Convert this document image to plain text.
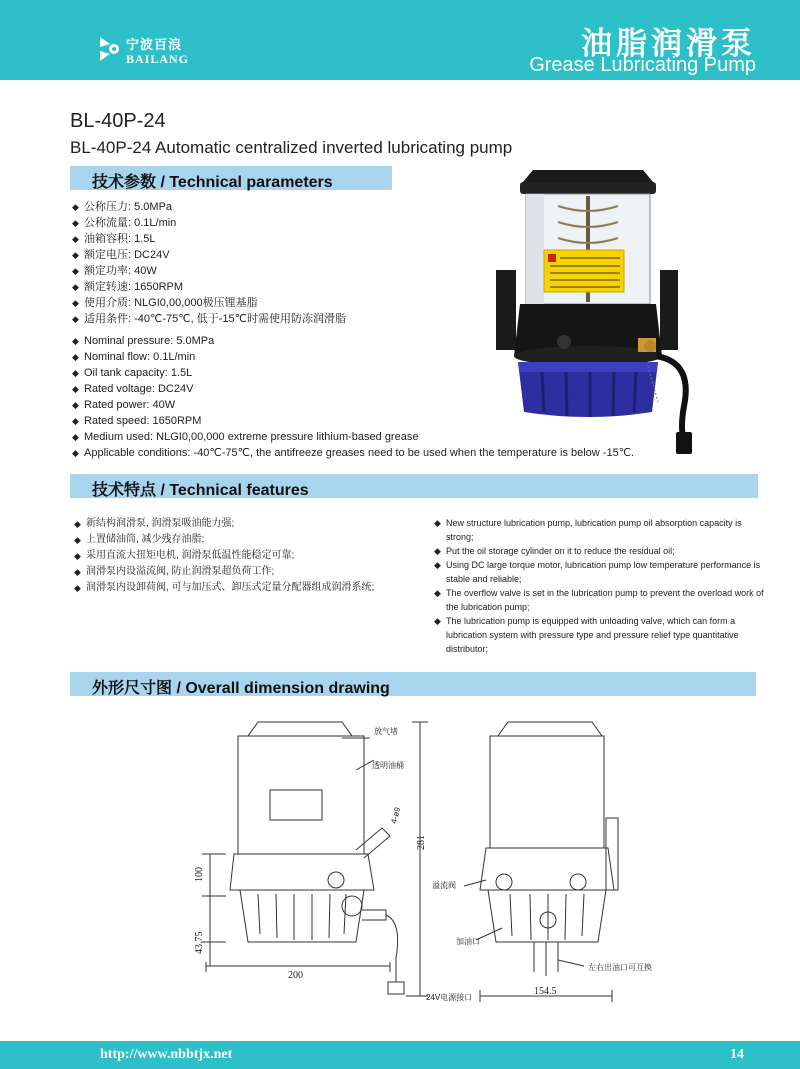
宁波百浪
BAILANG	油脂润滑泵
Grease Lubricating Pump
BL-40P-24
BL-40P-24 Automatic centralized inverted lubricating pump
技术参数 / Technical parameters
◆ 公称压力: 5.0MPa
◆ 公称流量: 0.1L/min
◆ 油箱容积: 1.5L
◆ 额定电压: DC24V
◆ 额定功率: 40W
◆ 额定转速: 1650RPM
◆ 使用介质: NLGI0,00,000极压锂基脂
◆ 适用条件: -40℃-75℃, 低于-15℃时需使用防冻润滑脂
◆ Nominal pressure: 5.0MPa
◆ Nominal flow: 0.1L/min
◆ Oil tank capacity: 1.5L
◆ Rated voltage: DC24V
◆ Rated power: 40W
◆ Rated speed: 1650RPM
◆ Medium used: NLGI0,00,000 extreme pressure lithium-based grease
◆ Applicable conditions: -40℃-75℃, the antifreeze greases need to be used when the temperature is below -15℃.
技术特点 / Technical features
◆ 新结构润滑泵, 润滑泵吸油能力强;
◆ 上置储油筒, 减少残存油脂;
◆ 采用直流大扭矩电机, 润滑泵低温性能稳定可靠;
◆ 润滑泵内设溢流阀, 防止润滑泵超负荷工作;
◆ 润滑泵内设卸荷阀, 可与加压式、卸压式定量分配器组成润滑系统;
◆ New structure lubrication pump, lubrication pump oil absorption capacity is strong;
◆ Put the oil storage cylinder on it to reduce the residual oil;
◆ Using DC large torque motor, lubrication pump low temperature performance is stable and reliable;
◆ The overflow valve is set in the lubrication pump to prevent the overload work of the lubrication pump;
◆ The lubrication pump is equipped with unloading valve, which can form a lubrication system with pressure type and pressure relief type quantitative distributor;
外形尺寸图 / Overall dimension drawing
放气堵
透明油桶
4-ø9
281
100
43.75
200
24V电源接口
溢流阀
加油口
左右出油口可互换
154.5
http://www.nbbtjx.net	14
